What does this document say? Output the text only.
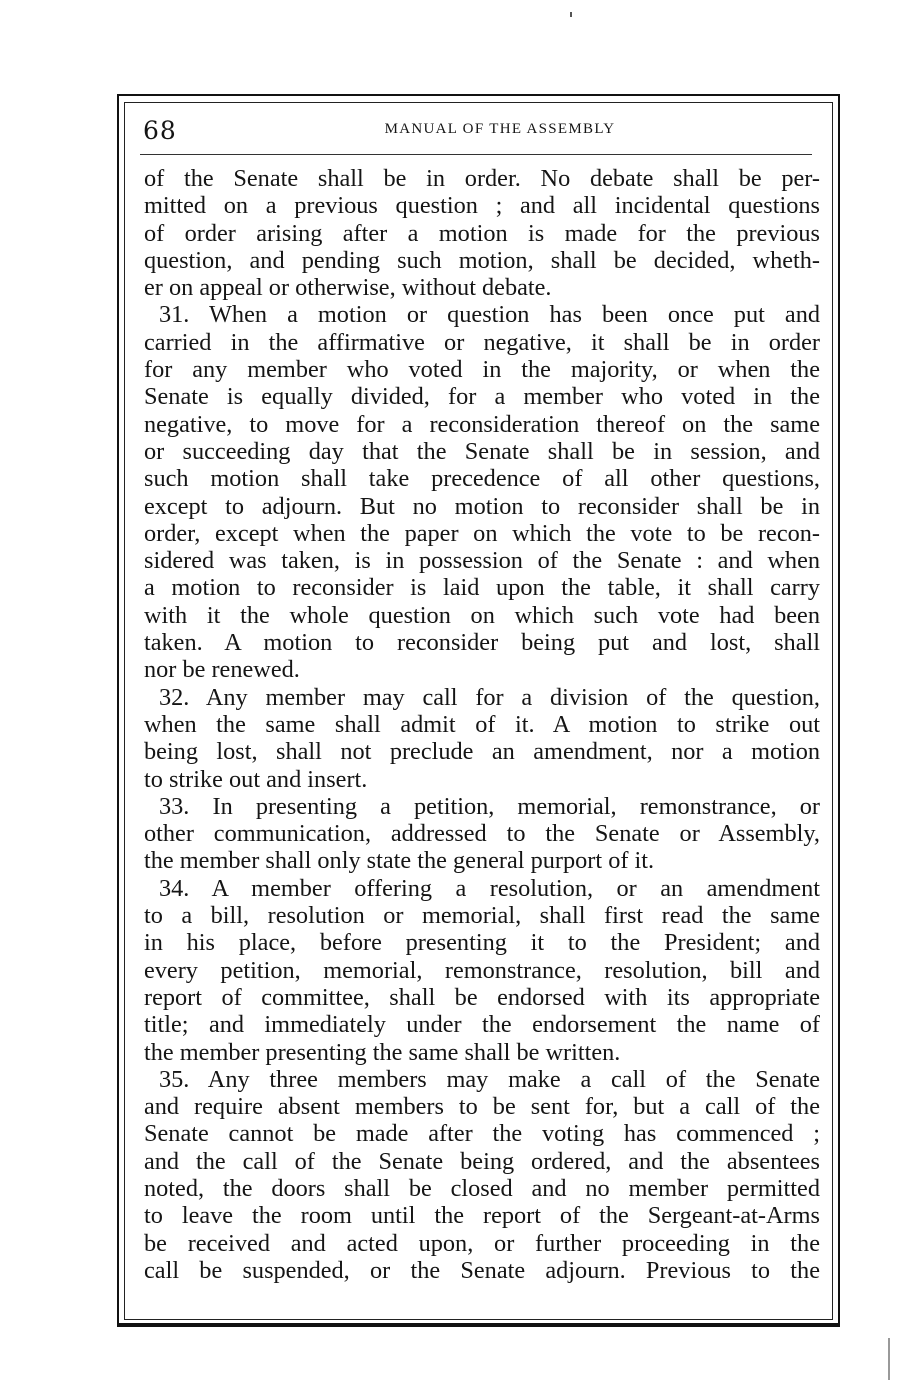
68	MANUAL OF THE ASSEMBLY
of the Senate shall be in order. No debate shall be per-
mitted on a previous question ; and all incidental questions
of order arising after a motion is made for the previous
question, and pending such motion, shall be decided, wheth-
er on appeal or otherwise, without debate.
31. When a motion or question has been once put and
carried in the affirmative or negative, it shall be in order
for any member who voted in the majority, or when the
Senate is equally divided, for a member who voted in the
negative, to move for a reconsideration thereof on the same
or succeeding day that the Senate shall be in session, and
such motion shall take precedence of all other questions,
except to adjourn. But no motion to reconsider shall be in
order, except when the paper on which the vote to be recon-
sidered was taken, is in possession of the Senate : and when
a motion to reconsider is laid upon the table, it shall carry
with it the whole question on which such vote had been
taken. A motion to reconsider being put and lost, shall
nor be renewed.
32. Any member may call for a division of the question,
when the same shall admit of it. A motion to strike out
being lost, shall not preclude an amendment, nor a motion
to strike out and insert.
33. In presenting a petition, memorial, remonstrance, or
other communication, addressed to the Senate or Assembly,
the member shall only state the general purport of it.
34. A member offering a resolution, or an amendment
to a bill, resolution or memorial, shall first read the same
in his place, before presenting it to the President; and
every petition, memorial, remonstrance, resolution, bill and
report of committee, shall be endorsed with its appropriate
title; and immediately under the endorsement the name of
the member presenting the same shall be written.
35. Any three members may make a call of the Senate
and require absent members to be sent for, but a call of the
Senate cannot be made after the voting has commenced ;
and the call of the Senate being ordered, and the absentees
noted, the doors shall be closed and no member permitted
to leave the room until the report of the Sergeant-at-Arms
be received and acted upon, or further proceeding in the
call be suspended, or the Senate adjourn. Previous to the
